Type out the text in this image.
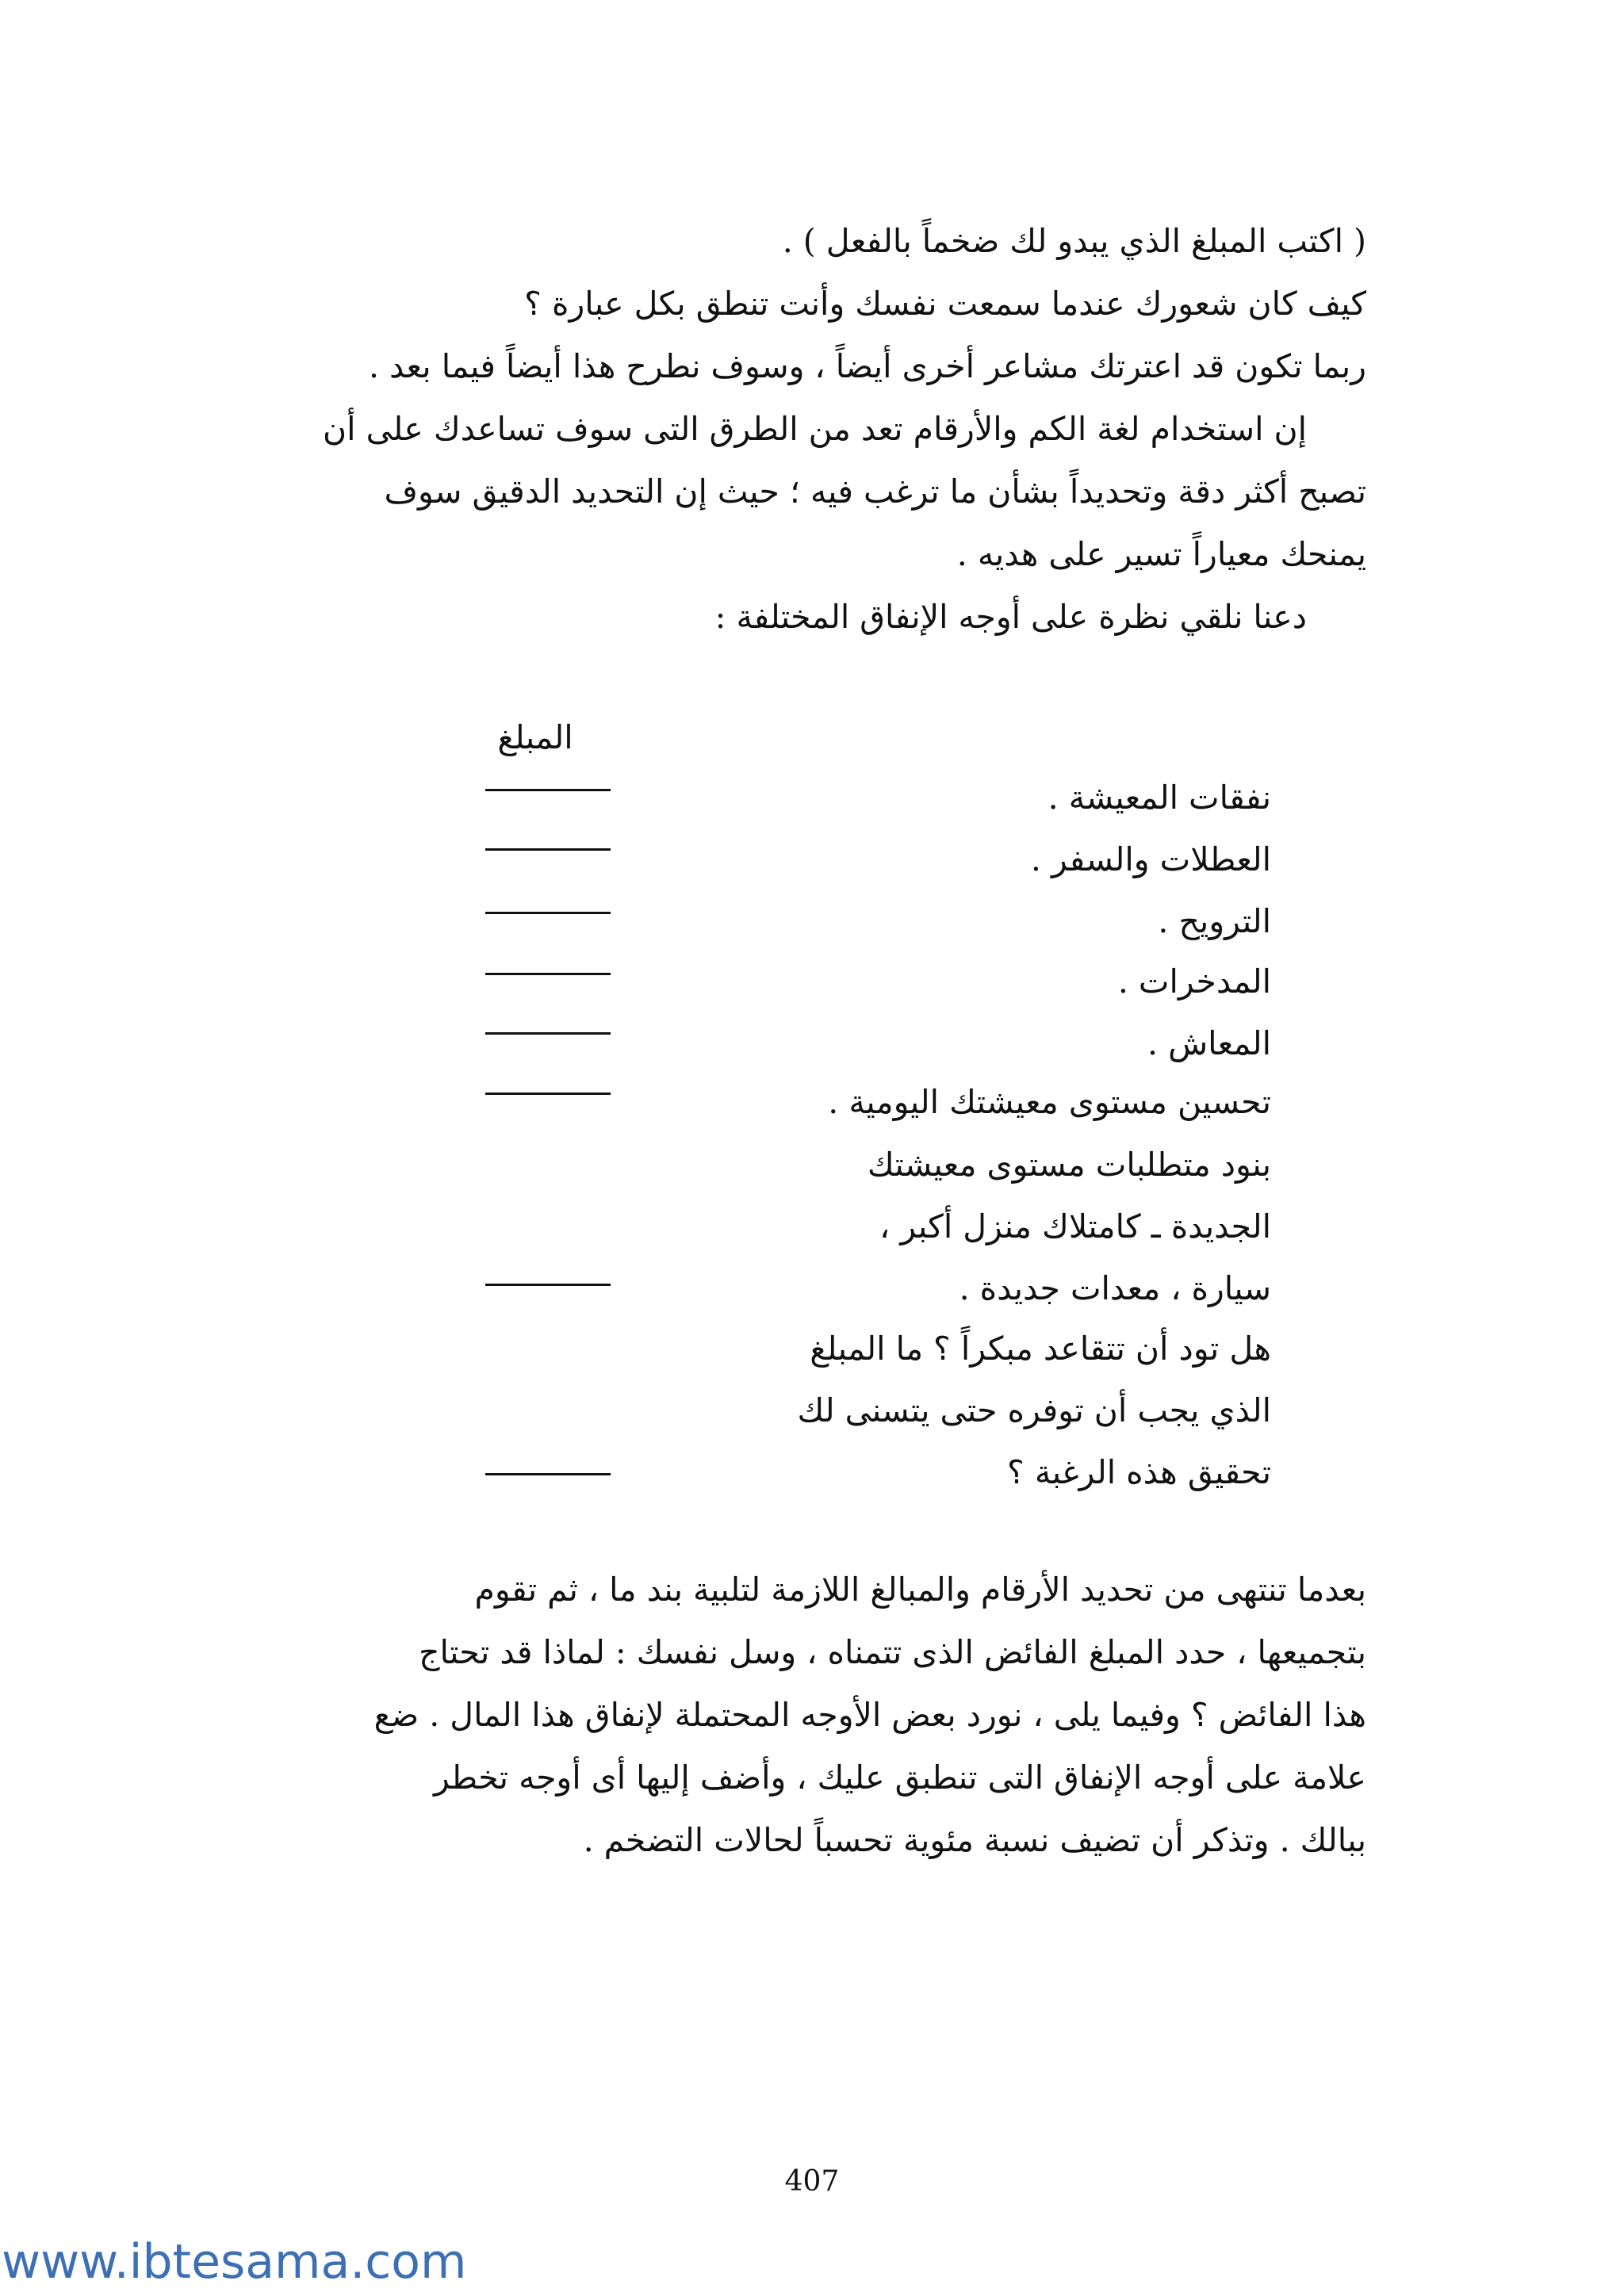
( اكتب المبلغ الذي يبدو لك ضخماً بالفعل ) .
كيف كان شعورك عندما سمعت نفسك وأنت تنطق بكل عبارة ؟
ربما تكون قد اعترتك مشاعر أخرى أيضاً ، وسوف نطرح هذا أيضاً فيما بعد .
إن استخدام لغة الكم والأرقام تعد من الطرق التى سوف تساعدك على أن
تصبح أكثر دقة وتحديداً بشأن ما ترغب فيه ؛ حيث إن التحديد الدقيق سوف
يمنحك معياراً تسير على هديه .
دعنا نلقي نظرة على أوجه الإنفاق المختلفة :
المبلغ
نفقات المعيشة .
العطلات والسفر .
الترويح .
المدخرات .
المعاش .
تحسين مستوى معيشتك اليومية .
بنود متطلبات مستوى معيشتك
الجديدة ـ كامتلاك منزل أكبر ،
سيارة ، معدات جديدة .
هل تود أن تتقاعد مبكراً ؟ ما المبلغ
الذي يجب أن توفره حتى يتسنى لك
تحقيق هذه الرغبة ؟
بعدما تنتهى من تحديد الأرقام والمبالغ اللازمة لتلبية بند ما ، ثم تقوم
بتجميعها ، حدد المبلغ الفائض الذى تتمناه ، وسل نفسك : لماذا قد تحتاج
هذا الفائض ؟ وفيما يلى ، نورد بعض الأوجه المحتملة لإنفاق هذا المال . ضع
علامة على أوجه الإنفاق التى تنطبق عليك ، وأضف إليها أى أوجه تخطر
ببالك . وتذكر أن تضيف نسبة مئوية تحسباً لحالات التضخم .
407
www.ibtesama.com
